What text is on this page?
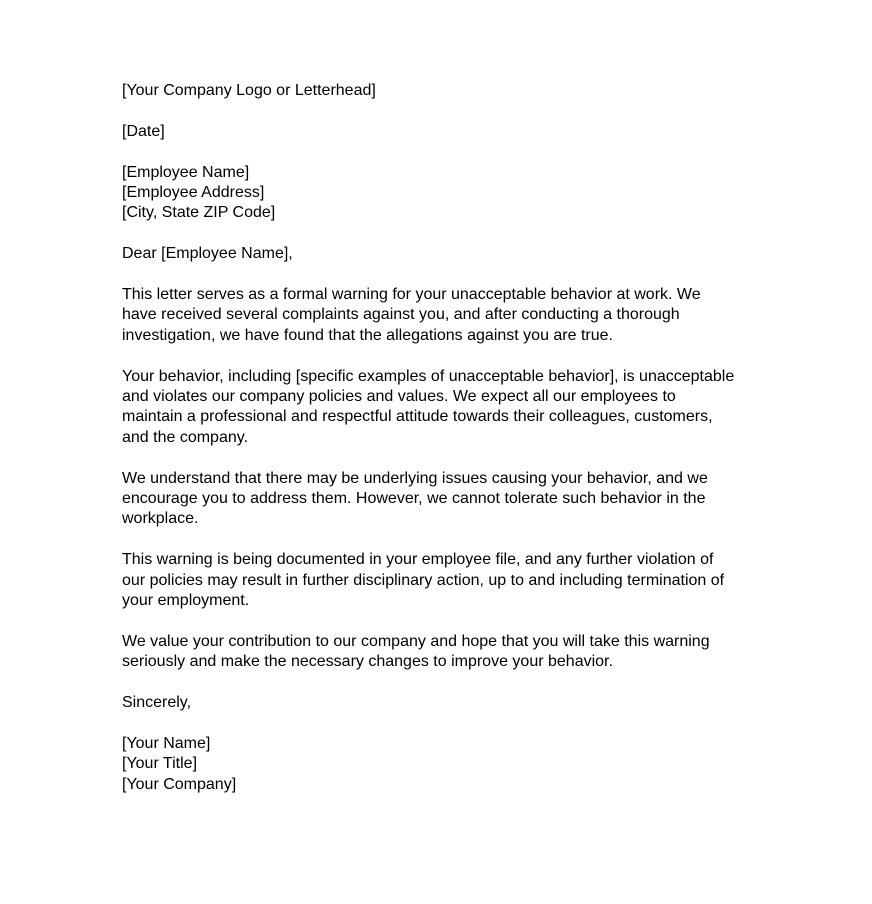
[Your Company Logo or Letterhead]
[Date]
[Employee Name]
[Employee Address]
[City, State ZIP Code]
Dear [Employee Name],
This letter serves as a formal warning for your unacceptable behavior at work. We have received several complaints against you, and after conducting a thorough investigation, we have found that the allegations against you are true.
Your behavior, including [specific examples of unacceptable behavior], is unacceptable and violates our company policies and values. We expect all our employees to maintain a professional and respectful attitude towards their colleagues, customers, and the company.
We understand that there may be underlying issues causing your behavior, and we encourage you to address them. However, we cannot tolerate such behavior in the workplace.
This warning is being documented in your employee file, and any further violation of our policies may result in further disciplinary action, up to and including termination of your employment.
We value your contribution to our company and hope that you will take this warning seriously and make the necessary changes to improve your behavior.
Sincerely,
[Your Name]
[Your Title]
[Your Company]
